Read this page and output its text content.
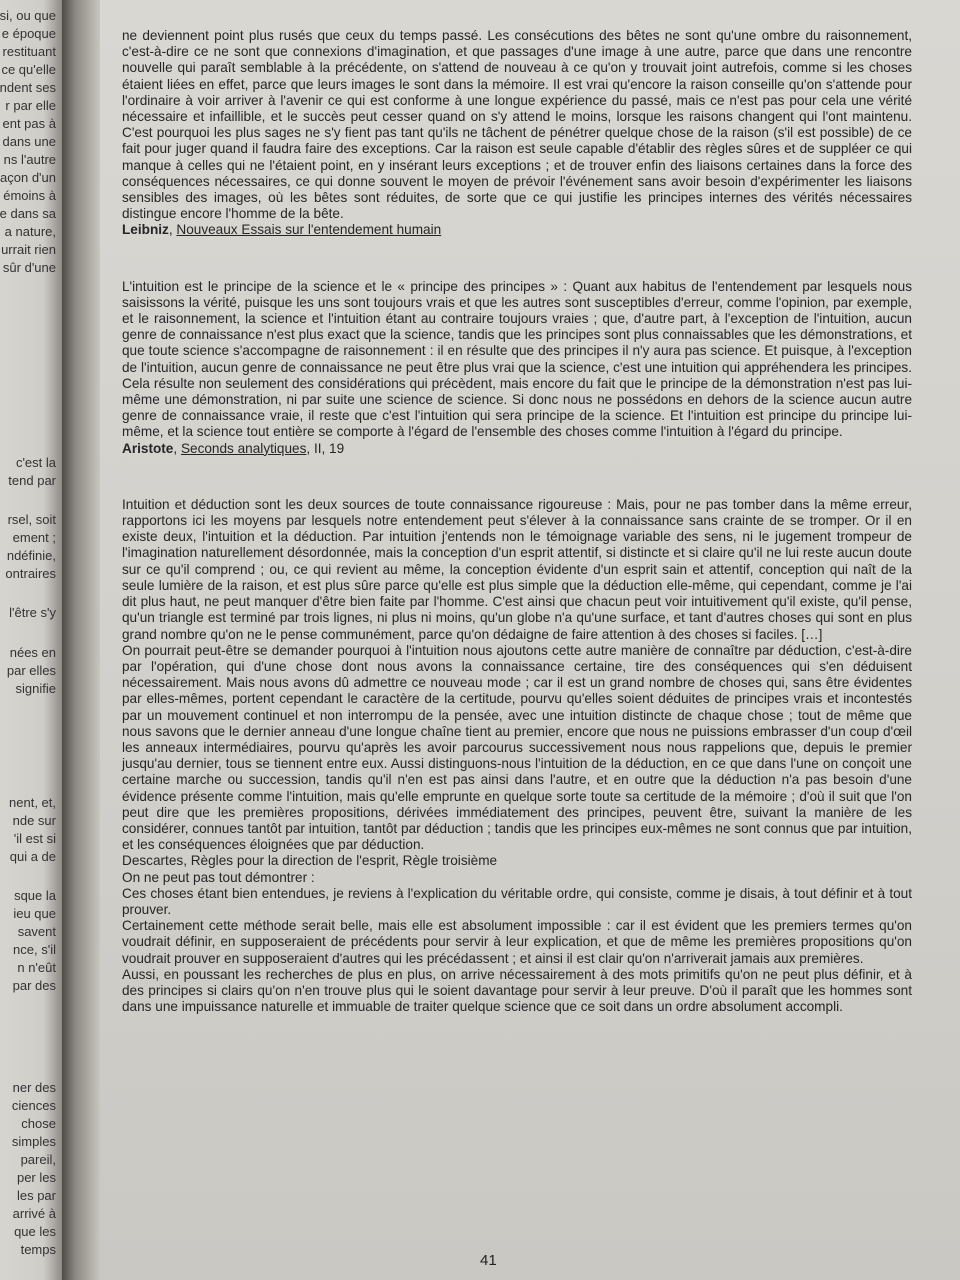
si, ou que
e époque
restituant
ce qu'elle
ndent ses
r par elle
ent pas à
dans une
ns l'autre
açon d'un
émoins à
e dans sa
a nature,
urrait rien
sûr d'une
c'est la
tend par
rsel, soit
ement ;
ndéfinie,
ontraires
l'être s'y
nées en
par elles
signifie
nent, et,
nde sur
'il est si
qui a de
sque la
ieu que
savent
nce, s'il
n n'eût
par des
ner des
ciences
chose
simples
pareil,
per les
les par
arrivé à
que les
temps

ne deviennent point plus rusés que ceux du temps passé. Les consécutions des bêtes ne sont qu'une ombre du raisonnement, c'est-à-dire ce ne sont que connexions d'imagination, et que passages d'une image à une autre, parce que dans une rencontre nouvelle qui paraît semblable à la précédente, on s'attend de nouveau à ce qu'on y trouvait joint autrefois, comme si les choses étaient liées en effet, parce que leurs images le sont dans la mémoire. Il est vrai qu'encore la raison conseille qu'on s'attende pour l'ordinaire à voir arriver à l'avenir ce qui est conforme à une longue expérience du passé, mais ce n'est pas pour cela une vérité nécessaire et infaillible, et le succès peut cesser quand on s'y attend le moins, lorsque les raisons changent qui l'ont maintenu. C'est pourquoi les plus sages ne s'y fient pas tant qu'ils ne tâchent de pénétrer quelque chose de la raison (s'il est possible) de ce fait pour juger quand il faudra faire des exceptions. Car la raison est seule capable d'établir des règles sûres et de suppléer ce qui manque à celles qui ne l'étaient point, en y insérant leurs exceptions ; et de trouver enfin des liaisons certaines dans la force des conséquences nécessaires, ce qui donne souvent le moyen de prévoir l'événement sans avoir besoin d'expérimenter les liaisons sensibles des images, où les bêtes sont réduites, de sorte que ce qui justifie les principes internes des vérités nécessaires distingue encore l'homme de la bête.

Leibniz, Nouveaux Essais sur l'entendement humain

L'intuition est le principe de la science et le « principe des principes » : Quant aux habitus de l'entendement par lesquels nous saisissons la vérité, puisque les uns sont toujours vrais et que les autres sont susceptibles d'erreur, comme l'opinion, par exemple, et le raisonnement, la science et l'intuition étant au contraire toujours vraies ; que, d'autre part, à l'exception de l'intuition, aucun genre de connaissance n'est plus exact que la science, tandis que les principes sont plus connaissables que les démonstrations, et que toute science s'accompagne de raisonnement : il en résulte que des principes il n'y aura pas science. Et puisque, à l'exception de l'intuition, aucun genre de connaissance ne peut être plus vrai que la science, c'est une intuition qui appréhendera les principes. Cela résulte non seulement des considérations qui précèdent, mais encore du fait que le principe de la démonstration n'est pas lui-même une démonstration, ni par suite une science de science. Si donc nous ne possédons en dehors de la science aucun autre genre de connaissance vraie, il reste que c'est l'intuition qui sera principe de la science. Et l'intuition est principe du principe lui-même, et la science tout entière se comporte à l'égard de l'ensemble des choses comme l'intuition à l'égard du principe.

Aristote, Seconds analytiques, II, 19

Intuition et déduction sont les deux sources de toute connaissance rigoureuse : Mais, pour ne pas tomber dans la même erreur, rapportons ici les moyens par lesquels notre entendement peut s'élever à la connaissance sans crainte de se tromper. Or il en existe deux, l'intuition et la déduction. Par intuition j'entends non le témoignage variable des sens, ni le jugement trompeur de l'imagination naturellement désordonnée, mais la conception d'un esprit attentif, si distincte et si claire qu'il ne lui reste aucun doute sur ce qu'il comprend ; ou, ce qui revient au même, la conception évidente d'un esprit sain et attentif, conception qui naît de la seule lumière de la raison, et est plus sûre parce qu'elle est plus simple que la déduction elle-même, qui cependant, comme je l'ai dit plus haut, ne peut manquer d'être bien faite par l'homme. C'est ainsi que chacun peut voir intuitivement qu'il existe, qu'il pense, qu'un triangle est terminé par trois lignes, ni plus ni moins, qu'un globe n'a qu'une surface, et tant d'autres choses qui sont en plus grand nombre qu'on ne le pense communément, parce qu'on dédaigne de faire attention à des choses si faciles. […]

On pourrait peut-être se demander pourquoi à l'intuition nous ajoutons cette autre manière de connaître par déduction, c'est-à-dire par l'opération, qui d'une chose dont nous avons la connaissance certaine, tire des conséquences qui s'en déduisent nécessairement. Mais nous avons dû admettre ce nouveau mode ; car il est un grand nombre de choses qui, sans être évidentes par elles-mêmes, portent cependant le caractère de la certitude, pourvu qu'elles soient déduites de principes vrais et incontestés par un mouvement continuel et non interrompu de la pensée, avec une intuition distincte de chaque chose ; tout de même que nous savons que le dernier anneau d'une longue chaîne tient au premier, encore que nous ne puissions embrasser d'un coup d'œil les anneaux intermédiaires, pourvu qu'après les avoir parcourus successivement nous nous rappelions que, depuis le premier jusqu'au dernier, tous se tiennent entre eux. Aussi distinguons-nous l'intuition de la déduction, en ce que dans l'une on conçoit une certaine marche ou succession, tandis qu'il n'en est pas ainsi dans l'autre, et en outre que la déduction n'a pas besoin d'une évidence présente comme l'intuition, mais qu'elle emprunte en quelque sorte toute sa certitude de la mémoire ; d'où il suit que l'on peut dire que les premières propositions, dérivées immédiatement des principes, peuvent être, suivant la manière de les considérer, connues tantôt par intuition, tantôt par déduction ; tandis que les principes eux-mêmes ne sont connus que par intuition, et les conséquences éloignées que par déduction.

Descartes, Règles pour la direction de l'esprit, Règle troisième

On ne peut pas tout démontrer :

Ces choses étant bien entendues, je reviens à l'explication du véritable ordre, qui consiste, comme je disais, à tout définir et à tout prouver.

Certainement cette méthode serait belle, mais elle est absolument impossible : car il est évident que les premiers termes qu'on voudrait définir, en supposeraient de précédents pour servir à leur explication, et que de même les premières propositions qu'on voudrait prouver en supposeraient d'autres qui les précédassent ; et ainsi il est clair qu'on n'arriverait jamais aux premières.

Aussi, en poussant les recherches de plus en plus, on arrive nécessairement à des mots primitifs qu'on ne peut plus définir, et à des principes si clairs qu'on n'en trouve plus qui le soient davantage pour servir à leur preuve. D'où il paraît que les hommes sont dans une impuissance naturelle et immuable de traiter quelque science que ce soit dans un ordre absolument accompli.

41
